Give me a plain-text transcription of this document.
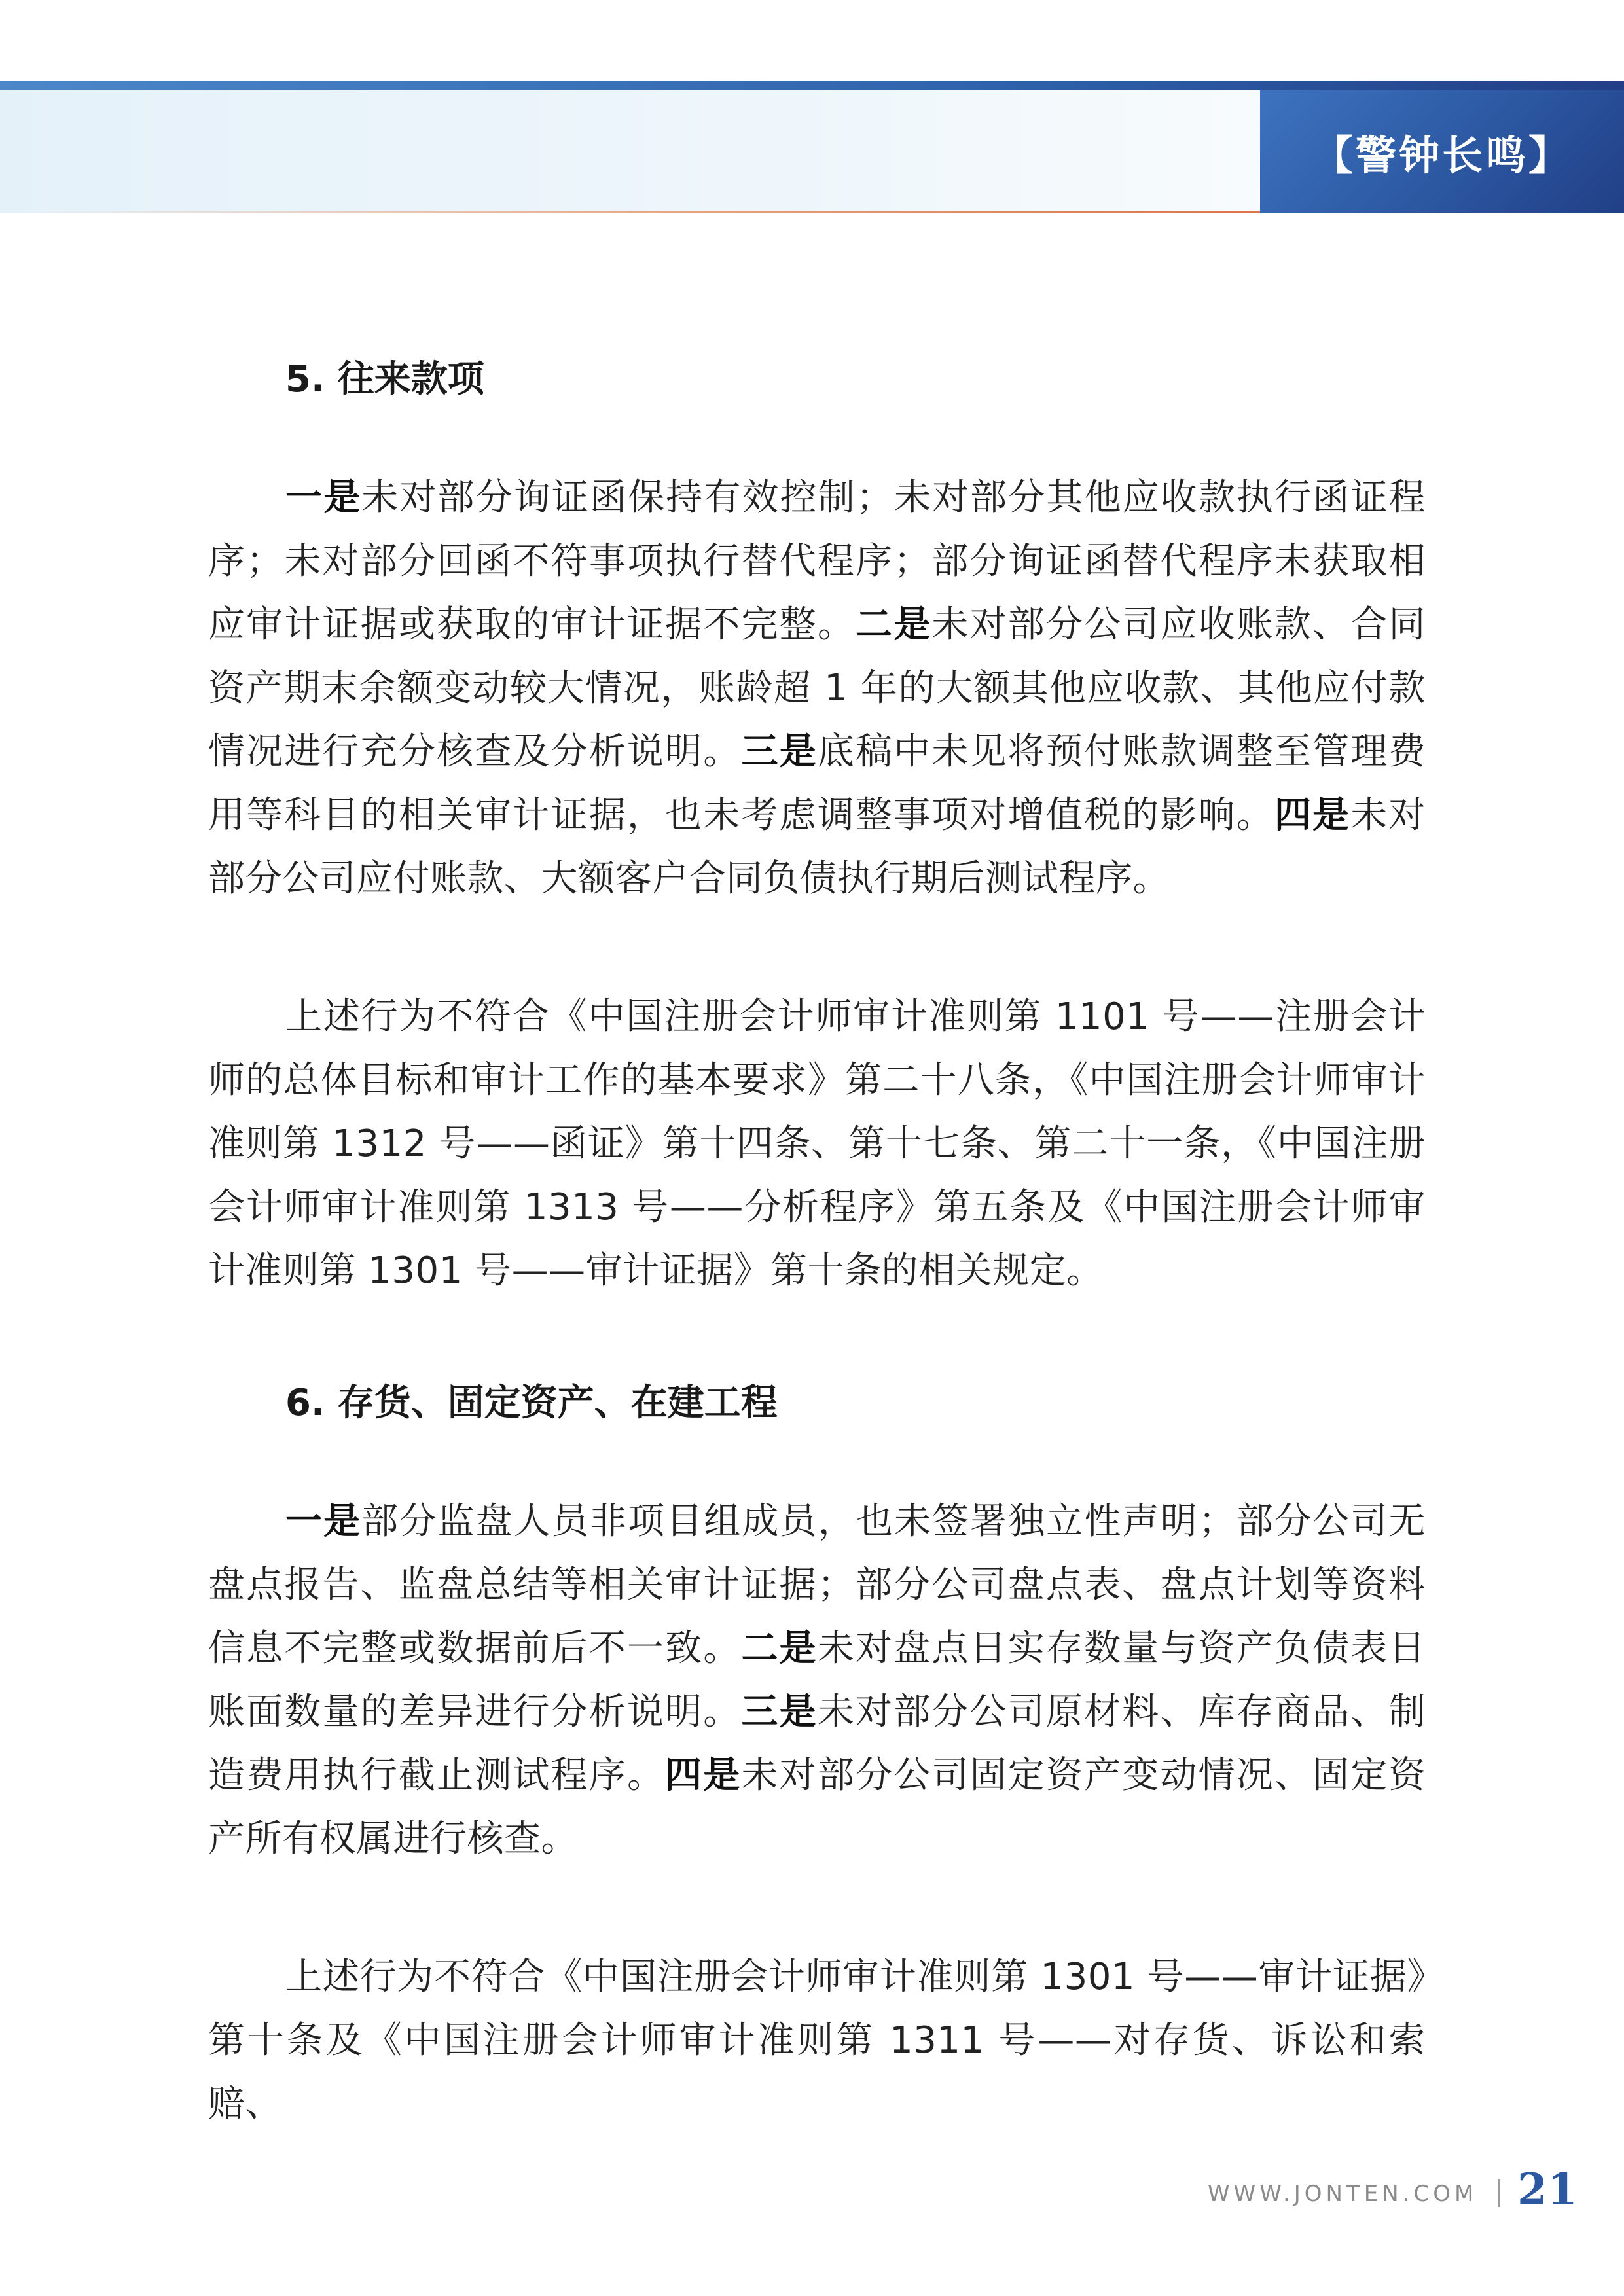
【警钟长鸣】
5. 往来款项

一是未对部分询证函保持有效控制；未对部分其他应收款执行函证程序；未对部分回函不符事项执行替代程序；部分询证函替代程序未获取相应审计证据或获取的审计证据不完整。二是未对部分公司应收账款、合同资产期末余额变动较大情况，账龄超 1 年的大额其他应收款、其他应付款情况进行充分核查及分析说明。三是底稿中未见将预付账款调整至管理费用等科目的相关审计证据，也未考虑调整事项对增值税的影响。四是未对部分公司应付账款、大额客户合同负债执行期后测试程序。

上述行为不符合《中国注册会计师审计准则第 1101 号——注册会计师的总体目标和审计工作的基本要求》第二十八条，《中国注册会计师审计准则第 1312 号——函证》第十四条、第十七条、第二十一条，《中国注册会计师审计准则第 1313 号——分析程序》第五条及《中国注册会计师审计准则第 1301 号——审计证据》第十条的相关规定。

6. 存货、固定资产、在建工程

一是部分监盘人员非项目组成员，也未签署独立性声明；部分公司无盘点报告、监盘总结等相关审计证据；部分公司盘点表、盘点计划等资料信息不完整或数据前后不一致。二是未对盘点日实存数量与资产负债表日账面数量的差异进行分析说明。三是未对部分公司原材料、库存商品、制造费用执行截止测试程序。四是未对部分公司固定资产变动情况、固定资产所有权属进行核查。

上述行为不符合《中国注册会计师审计准则第 1301 号——审计证据》第十条及《中国注册会计师审计准则第 1311 号——对存货、诉讼和索赔、

WWW.JONTEN.COM 21
